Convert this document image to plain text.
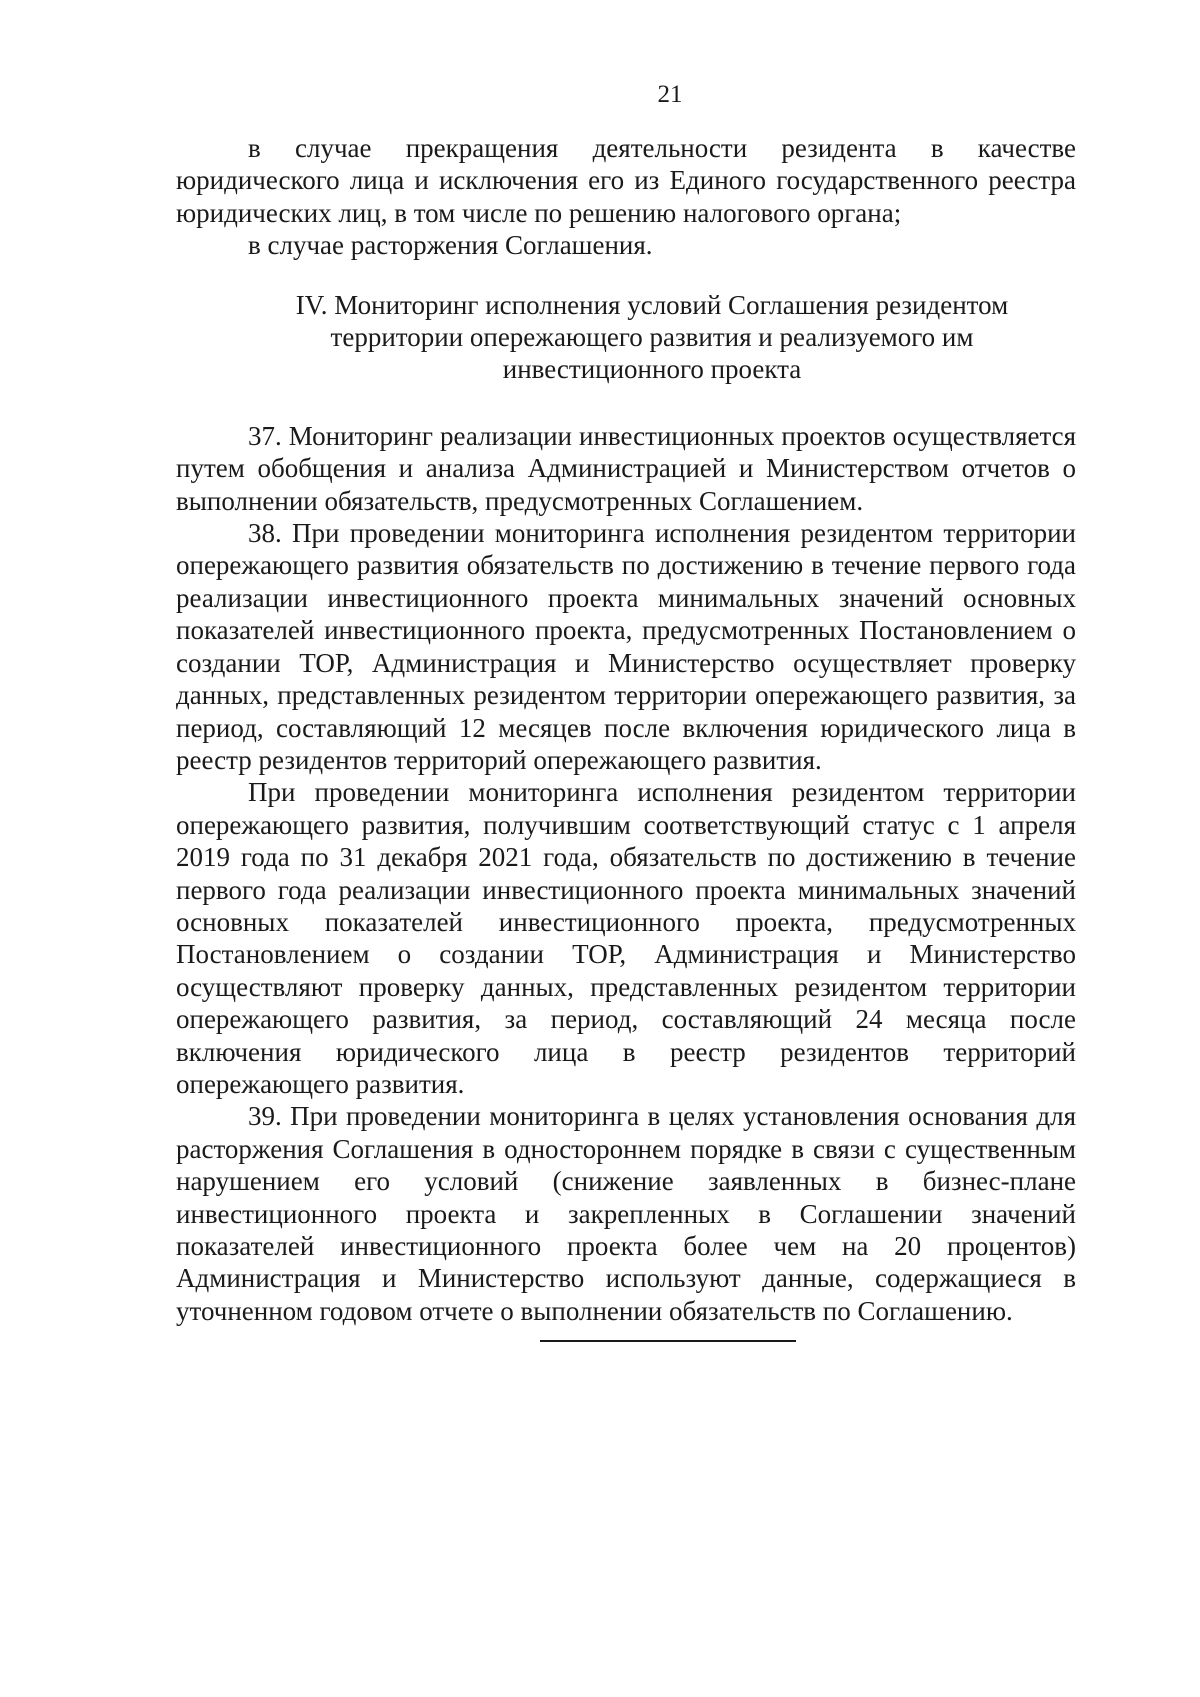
21

в случае прекращения деятельности резидента в качестве юридического лица и исключения его из Единого государственного реестра юридических лиц, в том числе по решению налогового органа;

в случае расторжения Соглашения.

IV. Мониторинг исполнения условий Соглашения резидентом территории опережающего развития и реализуемого им инвестиционного проекта

37. Мониторинг реализации инвестиционных проектов осуществляется путем обобщения и анализа Администрацией и Министерством отчетов о выполнении обязательств, предусмотренных Соглашением.

38. При проведении мониторинга исполнения резидентом территории опережающего развития обязательств по достижению в течение первого года реализации инвестиционного проекта минимальных значений основных показателей инвестиционного проекта, предусмотренных Постановлением о создании ТОР, Администрация и Министерство осуществляет проверку данных, представленных резидентом территории опережающего развития, за период, составляющий 12 месяцев после включения юридического лица в реестр резидентов территорий опережающего развития.

При проведении мониторинга исполнения резидентом территории опережающего развития, получившим соответствующий статус с 1 апреля 2019 года по 31 декабря 2021 года, обязательств по достижению в течение первого года реализации инвестиционного проекта минимальных значений основных показателей инвестиционного проекта, предусмотренных Постановлением о создании ТОР, Администрация и Министерство осуществляют проверку данных, представленных резидентом территории опережающего развития, за период, составляющий 24 месяца после включения юридического лица в реестр резидентов территорий опережающего развития.

39. При проведении мониторинга в целях установления основания для расторжения Соглашения в одностороннем порядке в связи с существенным нарушением его условий (снижение заявленных в бизнес-плане инвестиционного проекта и закрепленных в Соглашении значений показателей инвестиционного проекта более чем на 20 процентов) Администрация и Министерство используют данные, содержащиеся в уточненном годовом отчете о выполнении обязательств по Соглашению.
